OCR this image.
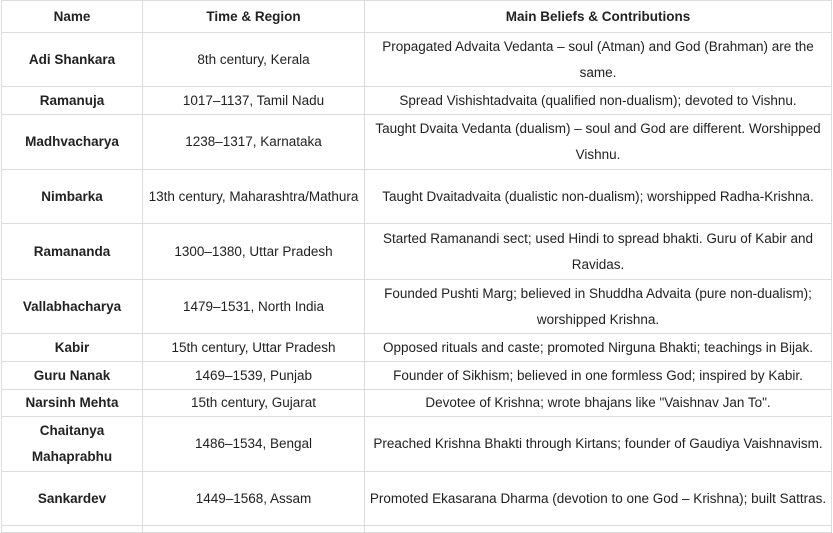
Name	Time & Region	Main Beliefs & Contributions
Adi Shankara	8th century, Kerala	Propagated Advaita Vedanta – soul (Atman) and God (Brahman) are the same.
Ramanuja	1017–1137, Tamil Nadu	Spread Vishishtadvaita (qualified non-dualism); devoted to Vishnu.
Madhvacharya	1238–1317, Karnataka	Taught Dvaita Vedanta (dualism) – soul and God are different. Worshipped Vishnu.
Nimbarka	13th century, Maharashtra/Mathura	Taught Dvaitadvaita (dualistic non-dualism); worshipped Radha-Krishna.
Ramananda	1300–1380, Uttar Pradesh	Started Ramanandi sect; used Hindi to spread bhakti. Guru of Kabir and Ravidas.
Vallabhacharya	1479–1531, North India	Founded Pushti Marg; believed in Shuddha Advaita (pure non-dualism); worshipped Krishna.
Kabir	15th century, Uttar Pradesh	Opposed rituals and caste; promoted Nirguna Bhakti; teachings in Bijak.
Guru Nanak	1469–1539, Punjab	Founder of Sikhism; believed in one formless God; inspired by Kabir.
Narsinh Mehta	15th century, Gujarat	Devotee of Krishna; wrote bhajans like "Vaishnav Jan To".
Chaitanya Mahaprabhu	1486–1534, Bengal	Preached Krishna Bhakti through Kirtans; founder of Gaudiya Vaishnavism.
Sankardev	1449–1568, Assam	Promoted Ekasarana Dharma (devotion to one God – Krishna); built Sattras.
